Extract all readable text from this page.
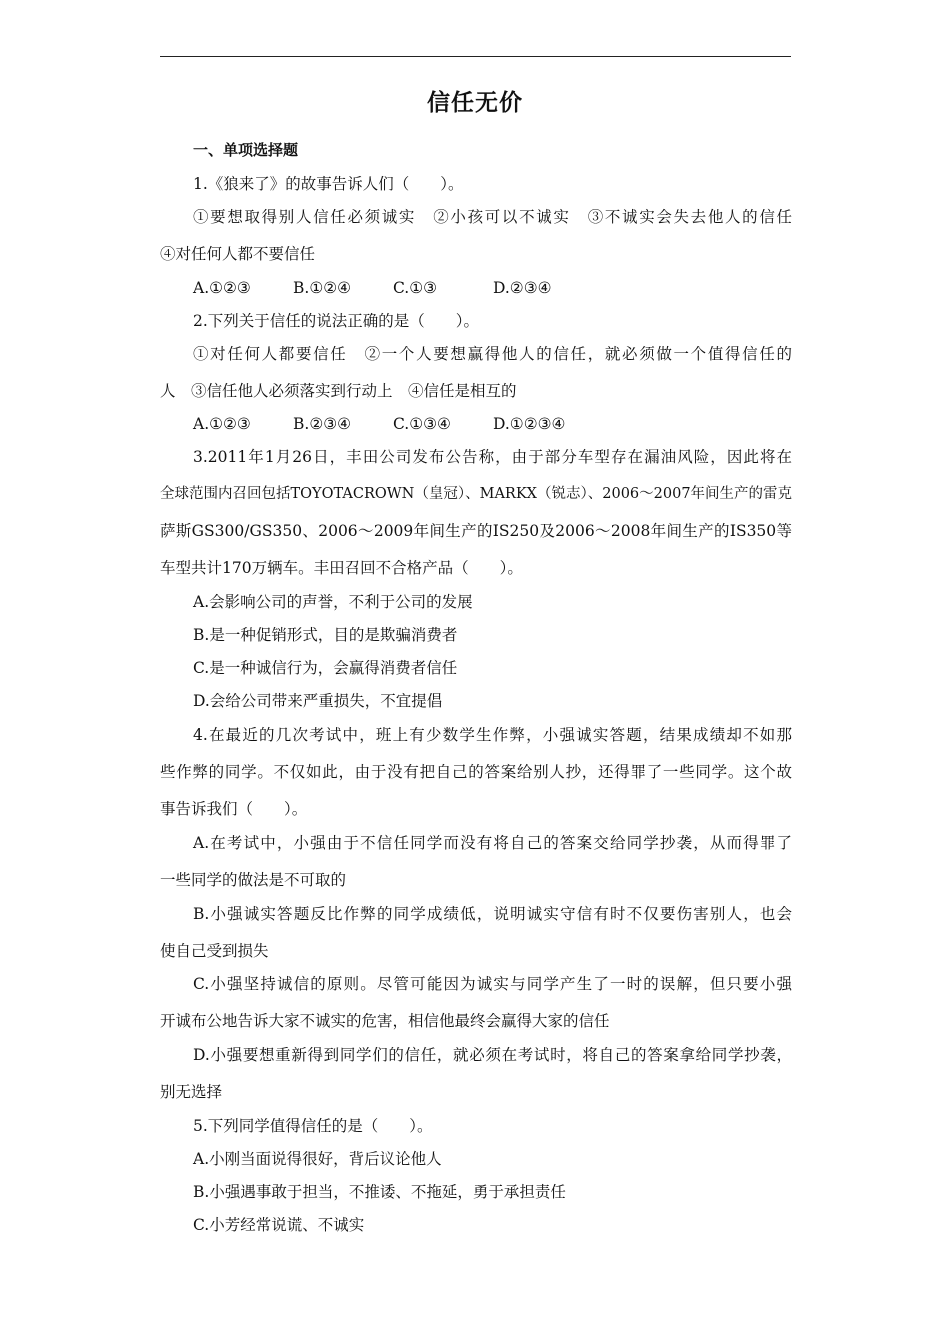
信任无价
一、单项选择题
1.《狼来了》的故事告诉人们（　　）。
①要想取得别人信任必须诚实　②小孩可以不诚实　③不诚实会失去他人的信任
④对任何人都不要信任
A.①②③	B.①②④	C.①③	D.②③④
2.下列关于信任的说法正确的是（　　）。
①对任何人都要信任　②一个人要想赢得他人的信任，就必须做一个值得信任的
人　③信任他人必须落实到行动上　④信任是相互的
A.①②③	B.②③④	C.①③④	D.①②③④
3.2011年1月26日，丰田公司发布公告称，由于部分车型存在漏油风险，因此将在
全球范围内召回包括TOYOTACROWN（皇冠）、MARKX（锐志）、2006～2007年间生产的雷克
萨斯GS300/GS350、2006～2009年间生产的IS250及2006～2008年间生产的IS350等
车型共计170万辆车。丰田召回不合格产品（　　）。
A.会影响公司的声誉，不利于公司的发展
B.是一种促销形式，目的是欺骗消费者
C.是一种诚信行为，会赢得消费者信任
D.会给公司带来严重损失，不宜提倡
4.在最近的几次考试中，班上有少数学生作弊，小强诚实答题，结果成绩却不如那
些作弊的同学。不仅如此，由于没有把自己的答案给别人抄，还得罪了一些同学。这个故
事告诉我们（　　）。
A.在考试中，小强由于不信任同学而没有将自己的答案交给同学抄袭，从而得罪了
一些同学的做法是不可取的
B.小强诚实答题反比作弊的同学成绩低，说明诚实守信有时不仅要伤害别人，也会
使自己受到损失
C.小强坚持诚信的原则。尽管可能因为诚实与同学产生了一时的误解，但只要小强
开诚布公地告诉大家不诚实的危害，相信他最终会赢得大家的信任
D.小强要想重新得到同学们的信任，就必须在考试时，将自己的答案拿给同学抄袭，
别无选择
5.下列同学值得信任的是（　　）。
A.小刚当面说得很好，背后议论他人
B.小强遇事敢于担当，不推诿、不拖延，勇于承担责任
C.小芳经常说谎、不诚实
